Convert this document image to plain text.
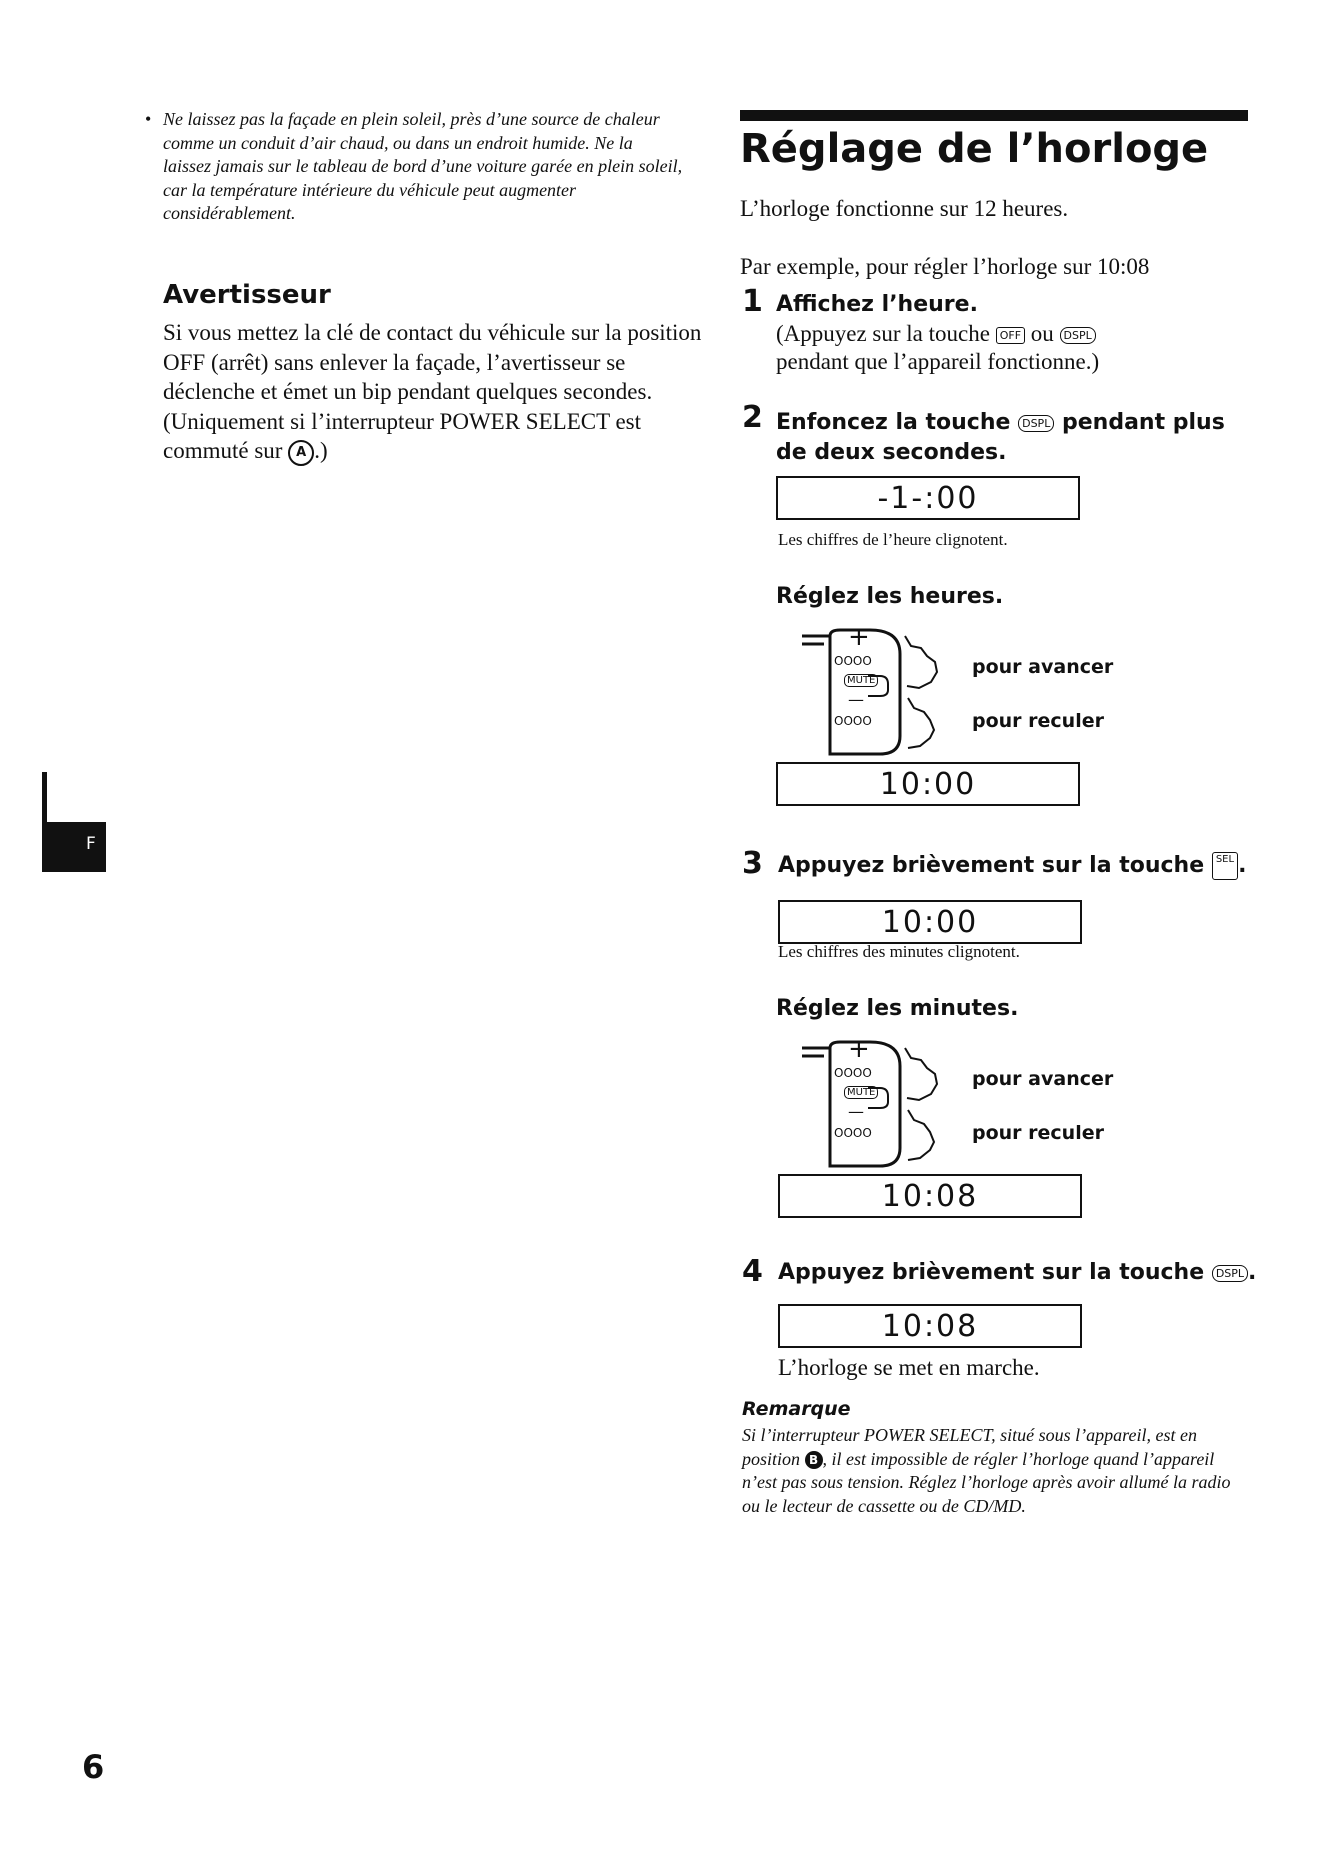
• Ne laissez pas la façade en plein soleil, près d’une source de chaleur comme un conduit d’air chaud, ou dans un endroit humide. Ne la laissez jamais sur le tableau de bord d’une voiture garée en plein soleil, car la température intérieure du véhicule peut augmenter considérablement.
Avertisseur
Si vous mettez la clé de contact du véhicule sur la position OFF (arrêt) sans enlever la façade, l’avertisseur se déclenche et émet un bip pendant quelques secondes. (Uniquement si l’interrupteur POWER SELECT est commuté sur A .)
Réglage de l’horloge
L’horloge fonctionne sur 12 heures.
Par exemple, pour régler l’horloge sur 10:08
1 Affichez l’heure.
(Appuyez sur la touche OFF ou DSPL
pendant que l’appareil fonctionne.)
2 Enfoncez la touche DSPL pendant plus de deux secondes.
-1-:00
Les chiffres de l’heure clignotent.
Réglez les heures.
+
OOOO
MUTE
—
OOOO
pour avancer
pour reculer
10:00
3 Appuyez brièvement sur la touche SEL .
10:00
Les chiffres des minutes clignotent.
Réglez les minutes.
+
OOOO
MUTE
—
OOOO
pour avancer
pour reculer
10:08
4 Appuyez brièvement sur la touche DSPL .
10:08
L’horloge se met en marche.
Remarque
Si l’interrupteur POWER SELECT, situé sous l’appareil, est en position B , il est impossible de régler l’horloge quand l’appareil n’est pas sous tension. Réglez l’horloge après avoir allumé la radio ou le lecteur de cassette ou de CD/MD.
F
6
